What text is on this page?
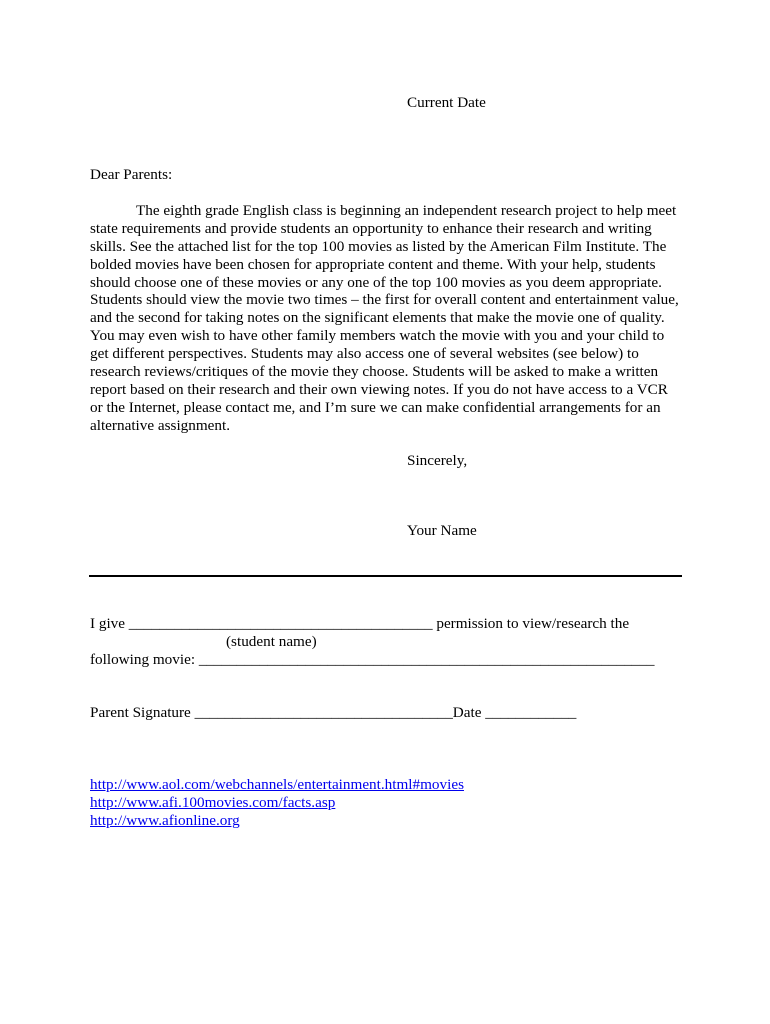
Current Date
Dear Parents:
The eighth grade English class is beginning an independent research project to help meet
state requirements and provide students an opportunity to enhance their research and writing
skills. See the attached list for the top 100 movies as listed by the American Film Institute. The
bolded movies have been chosen for appropriate content and theme. With your help, students
should choose one of these movies or any one of the top 100 movies as you deem appropriate.
Students should view the movie two times – the first for overall content and entertainment value,
and the second for taking notes on the significant elements that make the movie one of quality.
You may even wish to have other family members watch the movie with you and your child to
get different perspectives. Students may also access one of several websites (see below) to
research reviews/critiques of the movie they choose. Students will be asked to make a written
report based on their research and their own viewing notes. If you do not have access to a VCR
or the Internet, please contact me, and I’m sure we can make confidential arrangements for an
alternative assignment.
Sincerely,
Your Name
I give ________________________________________ permission to view/research the
(student name)
following movie: ____________________________________________________________
Parent Signature __________________________________Date ____________
http://www.aol.com/webchannels/entertainment.html#movies
http://www.afi.100movies.com/facts.asp
http://www.afionline.org
